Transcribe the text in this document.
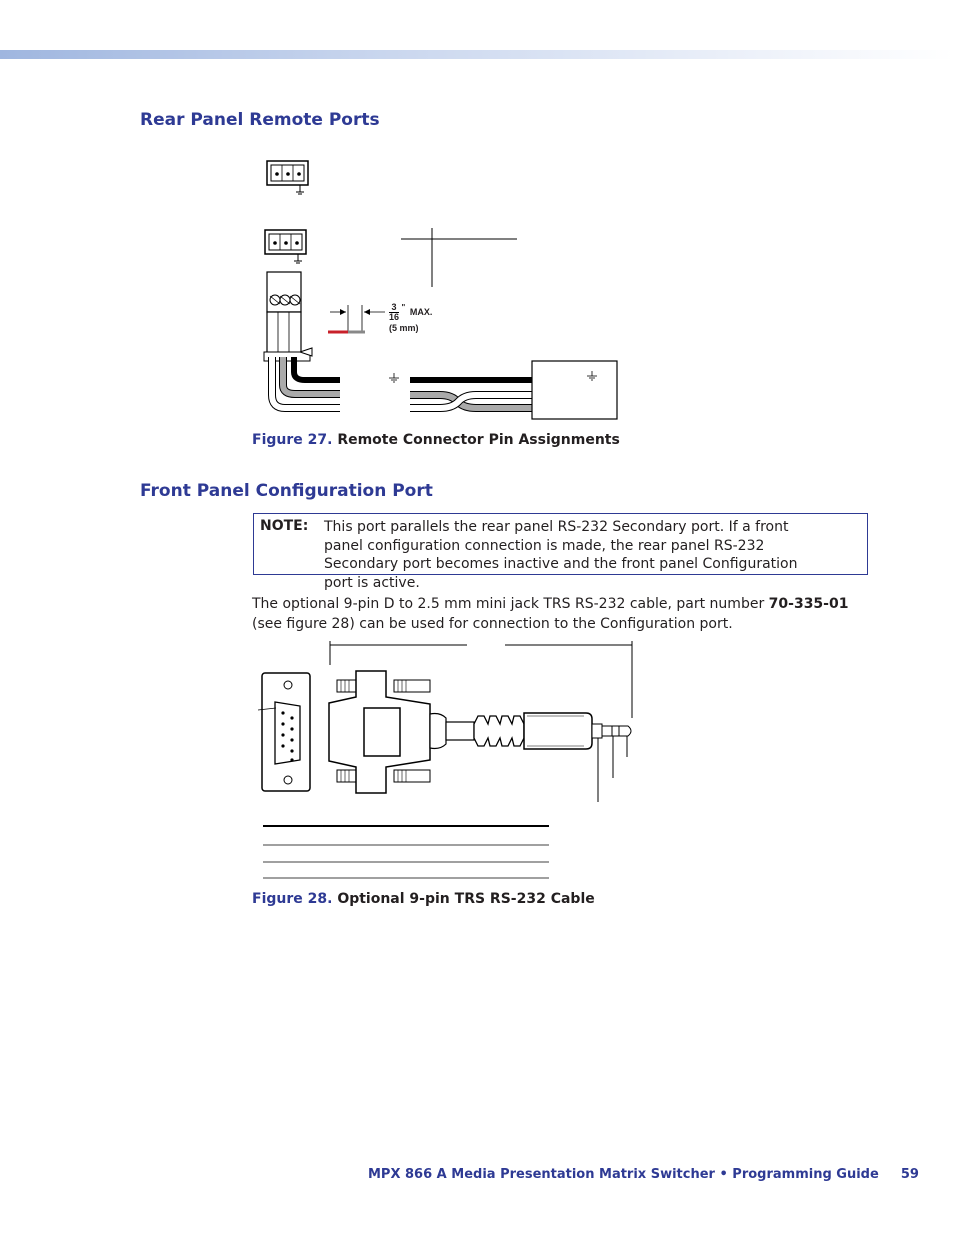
Rear Panel Remote Ports
$\frac{3}{16}$ " MAX.
(5 mm)
Figure 27. Remote Connector Pin Assignments
Front Panel Configuration Port
NOTE: This port parallels the rear panel RS-232 Secondary port. If a front panel configuration connection is made, the rear panel RS-232 Secondary port becomes inactive and the front panel Configuration port is active.
The optional 9-pin D to 2.5 mm mini jack TRS RS-232 cable, part number 70-335-01 (see figure 28) can be used for connection to the Configuration port.
Figure 28. Optional 9-pin TRS RS-232 Cable
MPX 866 A Media Presentation Matrix Switcher • Programming Guide 59
